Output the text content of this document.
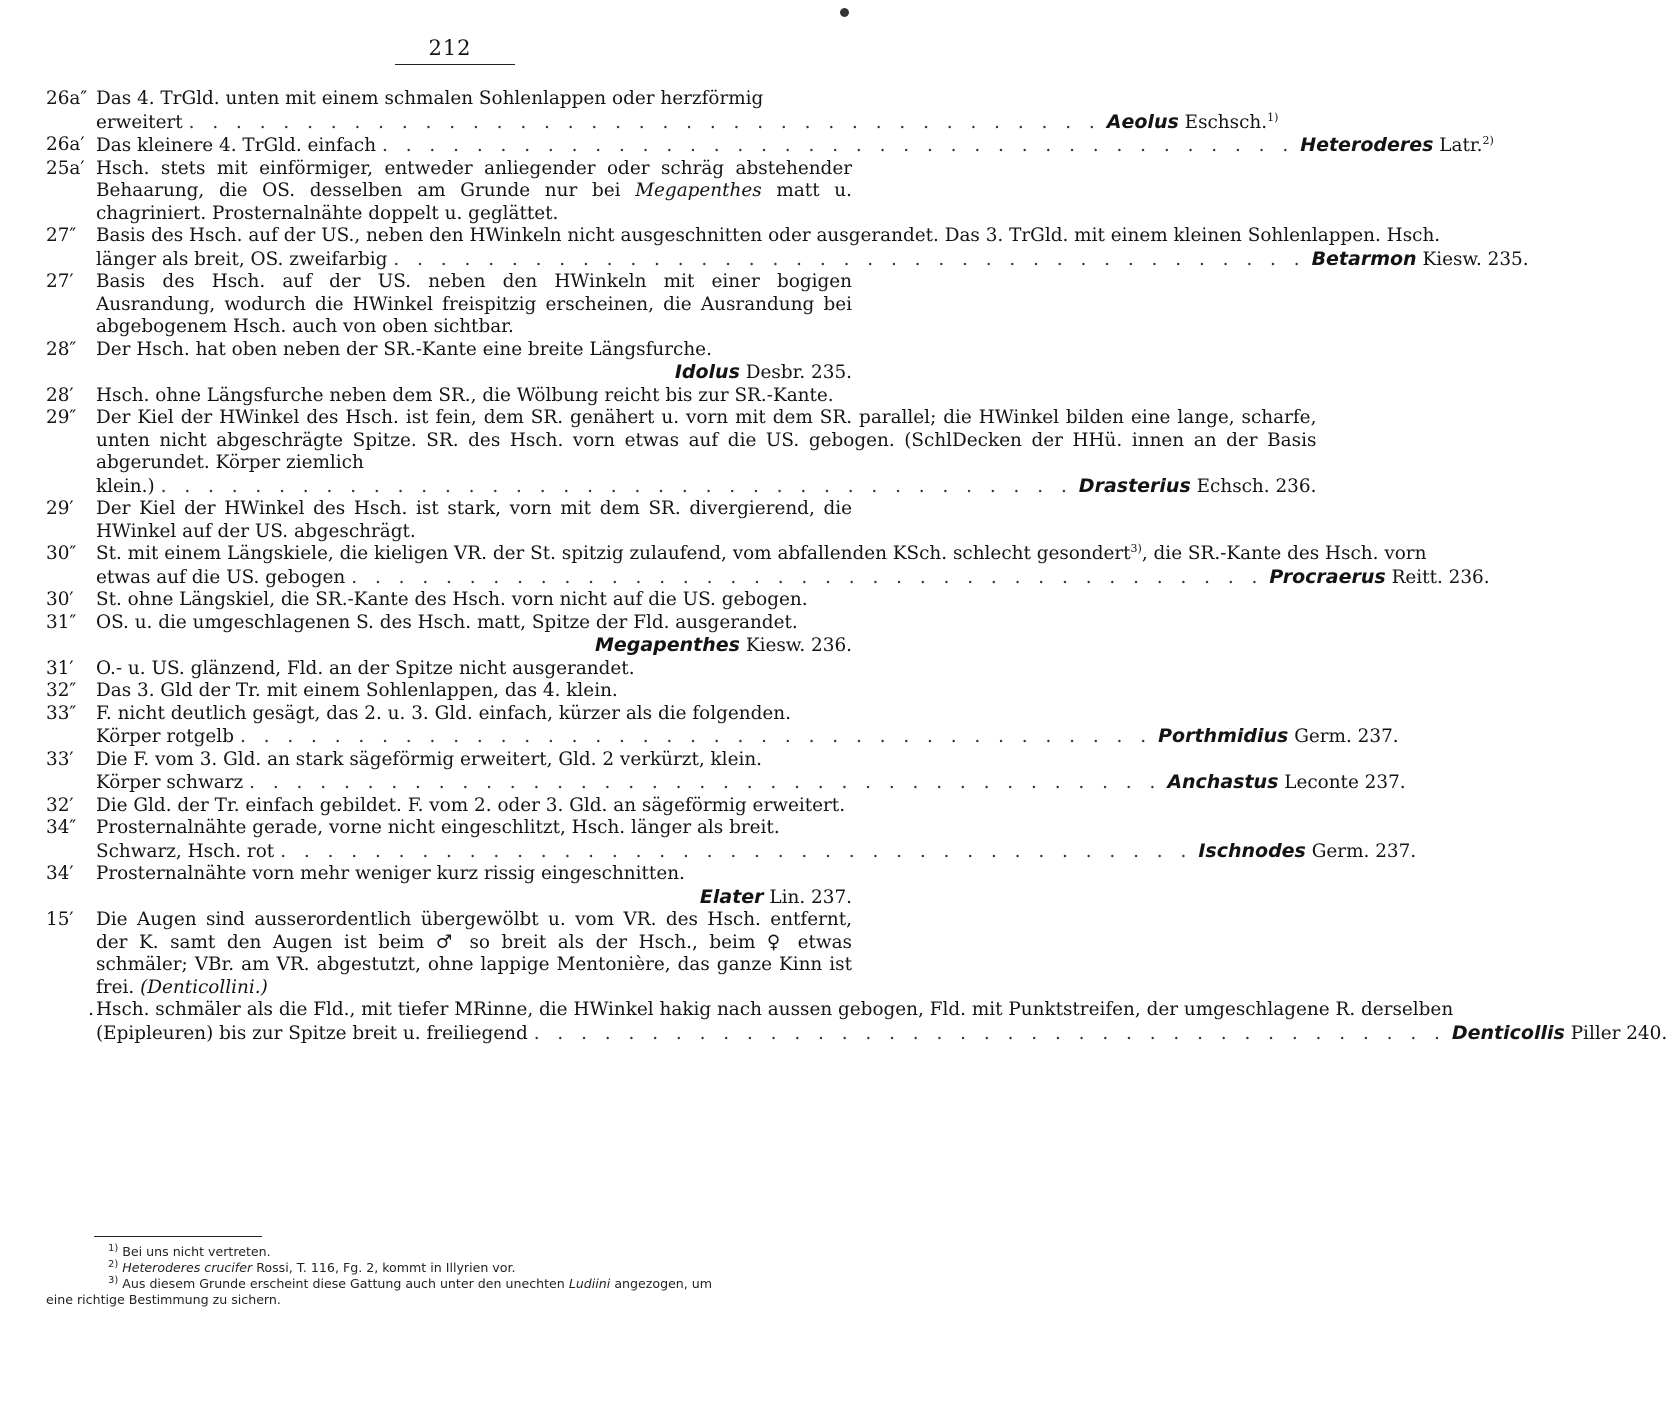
212
26a″ Das 4. TrGld. unten mit einem schmalen Sohlenlappen oder herzförmig
erweitert . . . . . . . . . . . . . . . . . . . . . . . . . . . . . . . . . . . . . . . Aeolus Eschsch.$^{1)}$
26a′ Das kleinere 4. TrGld. einfach . . . . . . . . . . . . . . . . . . . . . . . . . . . . . . . . . . . . . . . Heteroderes Latr.$^{2)}$
25a′ Hsch. stets mit einförmiger, entweder anliegender oder schräg abstehender Behaarung, die OS. desselben am Grunde nur bei Megapenthes matt u. chagriniert. Prosternalnähte doppelt u. geglättet.
27″	Basis des Hsch. auf der US., neben den HWinkeln nicht ausgeschnitten oder ausgerandet. Das 3. TrGld. mit einem kleinen Sohlenlappen. Hsch.
länger als breit, OS. zweifarbig . . . . . . . . . . . . . . . . . . . . . . . . . . . . . . . . . . . . . . . Betarmon Kiesw. 235.
27′	Basis des Hsch. auf der US. neben den HWinkeln mit einer bogigen Ausrandung, wodurch die HWinkel freispitzig erscheinen, die Ausrandung bei abgebogenem Hsch. auch von oben sichtbar.
28″	Der Hsch. hat oben neben der SR.-Kante eine breite Längsfurche.
Idolus Desbr. 235.
28′	Hsch. ohne Längsfurche neben dem SR., die Wölbung reicht bis zur SR.-Kante.
29″	Der Kiel der HWinkel des Hsch. ist fein, dem SR. genähert u. vorn mit dem SR. parallel; die HWinkel bilden eine lange, scharfe, unten nicht abgeschrägte Spitze. SR. des Hsch. vorn etwas auf die US. gebogen. (SchlDecken der HHü. innen an der Basis abgerundet. Körper ziemlich
klein.) . . . . . . . . . . . . . . . . . . . . . . . . . . . . . . . . . . . . . . . Drasterius Echsch. 236.
29′	Der Kiel der HWinkel des Hsch. ist stark, vorn mit dem SR. divergierend, die HWinkel auf der US. abgeschrägt.
30″	St. mit einem Längskiele, die kieligen VR. der St. spitzig zulaufend, vom abfallenden KSch. schlecht gesondert$^{3)}$, die SR.-Kante des Hsch. vorn
etwas auf die US. gebogen . . . . . . . . . . . . . . . . . . . . . . . . . . . . . . . . . . . . . . . Procraerus Reitt. 236.
30′	St. ohne Längskiel, die SR.-Kante des Hsch. vorn nicht auf die US. gebogen.
31″	OS. u. die umgeschlagenen S. des Hsch. matt, Spitze der Fld. ausgerandet.
Megapenthes Kiesw. 236.
31′	O.- u. US. glänzend, Fld. an der Spitze nicht ausgerandet.
32″	Das 3. Gld der Tr. mit einem Sohlenlappen, das 4. klein.
33″	F. nicht deutlich gesägt, das 2. u. 3. Gld. einfach, kürzer als die folgenden.
Körper rotgelb . . . . . . . . . . . . . . . . . . . . . . . . . . . . . . . . . . . . . . . Porthmidius Germ. 237.
33′	Die F. vom 3. Gld. an stark sägeförmig erweitert, Gld. 2 verkürzt, klein.
Körper schwarz . . . . . . . . . . . . . . . . . . . . . . . . . . . . . . . . . . . . . . . Anchastus Leconte 237.
32′	Die Gld. der Tr. einfach gebildet. F. vom 2. oder 3. Gld. an sägeförmig erweitert.
34″	Prosternalnähte gerade, vorne nicht eingeschlitzt, Hsch. länger als breit.
Schwarz, Hsch. rot . . . . . . . . . . . . . . . . . . . . . . . . . . . . . . . . . . . . . . . Ischnodes Germ. 237.
34′	Prosternalnähte vorn mehr weniger kurz rissig eingeschnitten.
Elater Lin. 237.
15′	Die Augen sind ausserordentlich übergewölbt u. vom VR. des Hsch. entfernt, der K. samt den Augen ist beim ♂ so breit als der Hsch., beim ♀ etwas schmäler; VBr. am VR. abgestutzt, ohne lappige Mentonière, das ganze Kinn ist frei. (Denticollini.)
. Hsch. schmäler als die Fld., mit tiefer MRinne, die HWinkel hakig nach aussen gebogen, Fld. mit Punktstreifen, der umgeschlagene R. derselben
(Epipleuren) bis zur Spitze breit u. freiliegend . . . . . . . . . . . . . . . . . . . . . . . . . . . . . . . . . . . . . . . Denticollis Piller 240.
$^{1)}$ Bei uns nicht vertreten.
$^{2)}$ Heteroderes crucifer Rossi, T. 116, Fg. 2, kommt in Illyrien vor.
$^{3)}$ Aus diesem Grunde erscheint diese Gattung auch unter den unechten Ludiini angezogen, um
eine richtige Bestimmung zu sichern.
